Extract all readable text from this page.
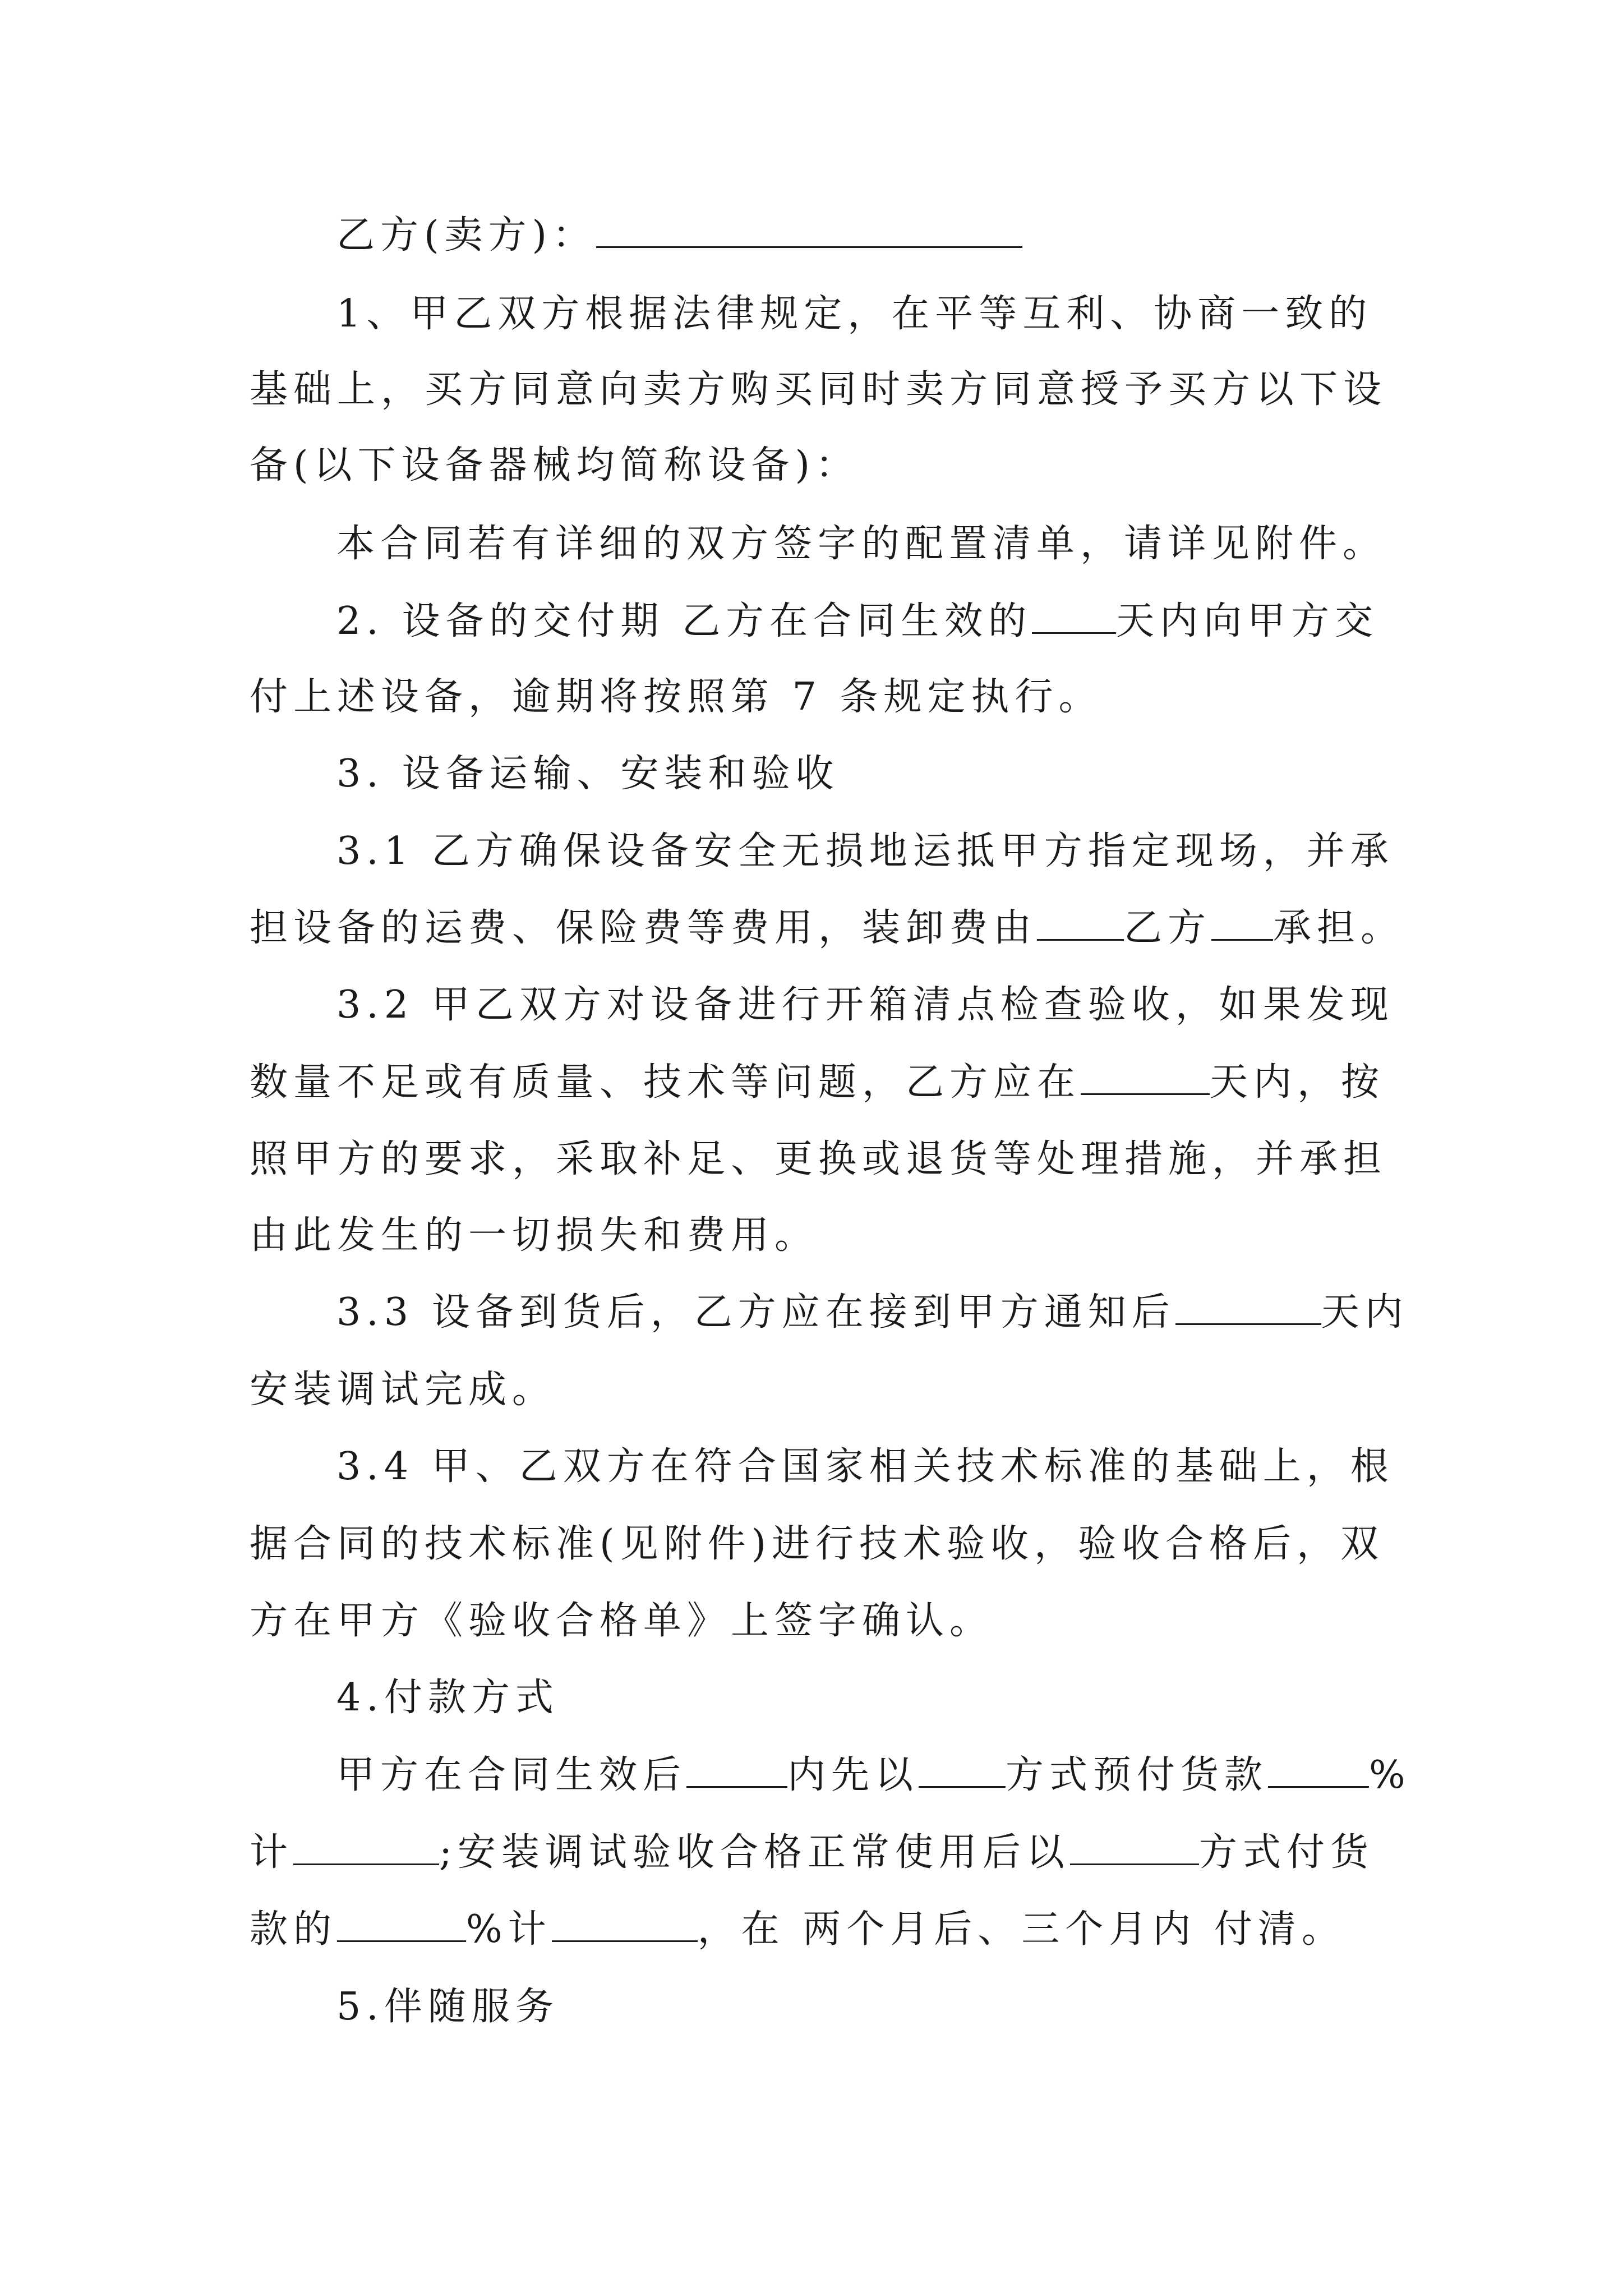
乙方(卖方)：
1、甲乙双方根据法律规定，在平等互利、协商一致的
基础上，买方同意向卖方购买同时卖方同意授予买方以下设
备(以下设备器械均简称设备)：
本合同若有详细的双方签字的配置清单，请详见附件。
2. 设备的交付期 乙方在合同生效的 天内向甲方交
付上述设备，逾期将按照第 7 条规定执行。
3. 设备运输、安装和验收
3.1 乙方确保设备安全无损地运抵甲方指定现场，并承
担设备的运费、保险费等费用，装卸费由 乙方 承担。
3.2 甲乙双方对设备进行开箱清点检查验收，如果发现
数量不足或有质量、技术等问题，乙方应在	天内，按
照甲方的要求，采取补足、更换或退货等处理措施，并承担
由此发生的一切损失和费用。
3.3 设备到货后，乙方应在接到甲方通知后	天内
安装调试完成。
3.4 甲、乙双方在符合国家相关技术标准的基础上，根
据合同的技术标准(见附件)进行技术验收，验收合格后，双
方在甲方《验收合格单》上签字确认。
4.付款方式
甲方在合同生效后	内先以 方式预付货款	%
计	;安装调试验收合格正常使用后以	方式付货
款的	%计	，在 两个月后、三个月内 付清。
5.伴随服务
